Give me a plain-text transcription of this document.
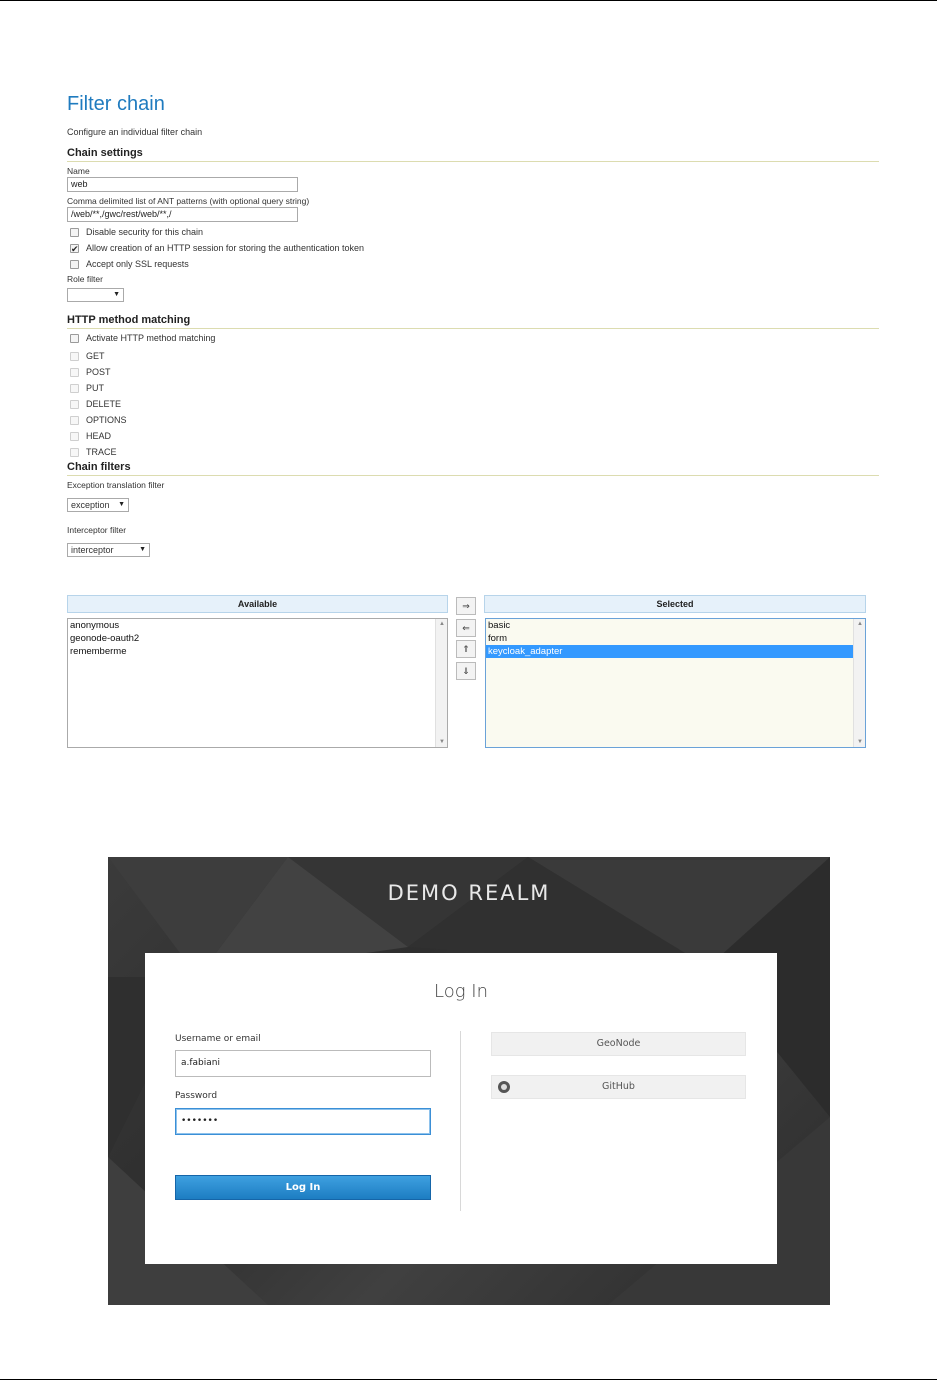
Filter chain
Configure an individual filter chain
Chain settings
Name
web
Comma delimited list of ANT patterns (with optional query string)
/web/**,/gwc/rest/web/**,/
Disable security for this chain
✔
Allow creation of an HTTP session for storing the authentication token
Accept only SSL requests
Role filter
▼
HTTP method matching
Activate HTTP method matching
GET
POST
PUT
DELETE
OPTIONS
HEAD
TRACE
Chain filters
Exception translation filter
exception ▼
Interceptor filter
interceptor	▼
Available
anonymous
geonode-oauth2
rememberme
▲
▼
⇒
⇐
⇑
⇓
Selected
basic
form
keycloak_adapter
▲
▼
DEMO REALM
Log In
Username or email
a.fabiani
Password
•••••••
Log In
GeoNode
GitHub
